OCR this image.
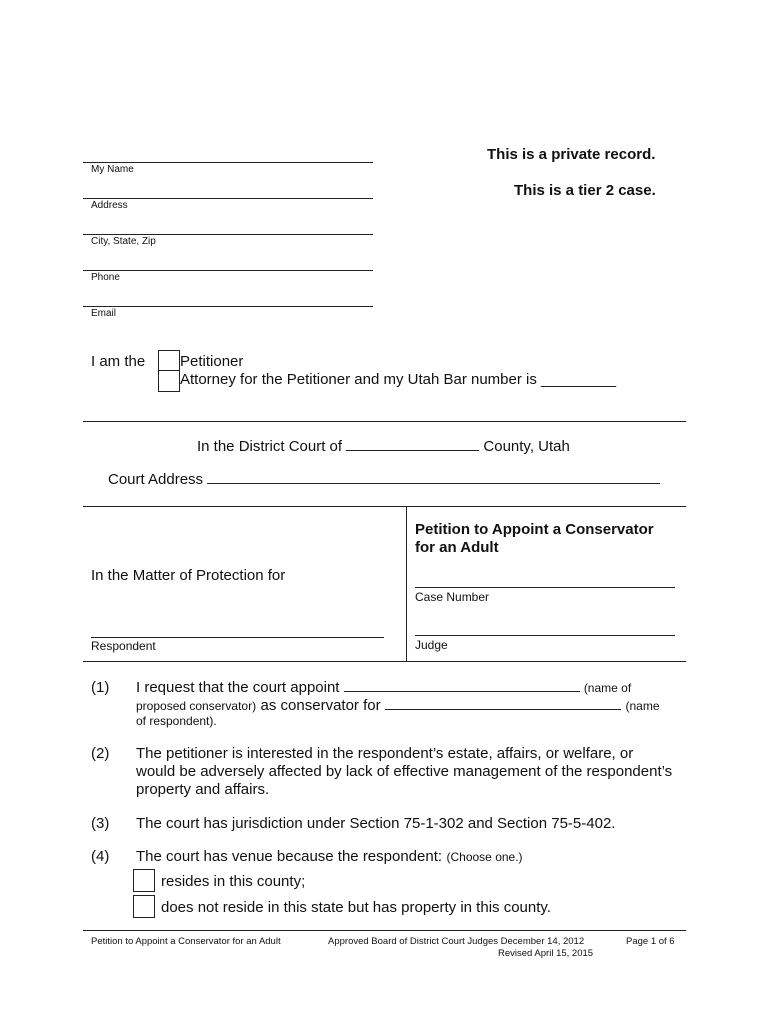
This is a private record.
This is a tier 2 case.
My Name
Address
City, State, Zip
Phone
Email
I am the Petitioner
Attorney for the Petitioner and my Utah Bar number is _________
In the District Court of	County, Utah
Court Address
In the Matter of Protection for
Respondent
Petition to Appoint a Conservator
for an Adult
Case Number
Judge
(1) I request that the court appoint	(name of
proposed conservator) as conservator for	(name
of respondent).
(2) The petitioner is interested in the respondent’s estate, affairs, or welfare, or
would be adversely affected by lack of effective management of the respondent’s
property and affairs.
(3) The court has jurisdiction under Section 75-1-302 and Section 75-5-402.
(4) The court has venue because the respondent: (Choose one.)
resides in this county;
does not reside in this state but has property in this county.
Petition to Appoint a Conservator for an Adult	Approved Board of District Court Judges December 14, 2012
Revised April 15, 2015
Page 1 of 6
